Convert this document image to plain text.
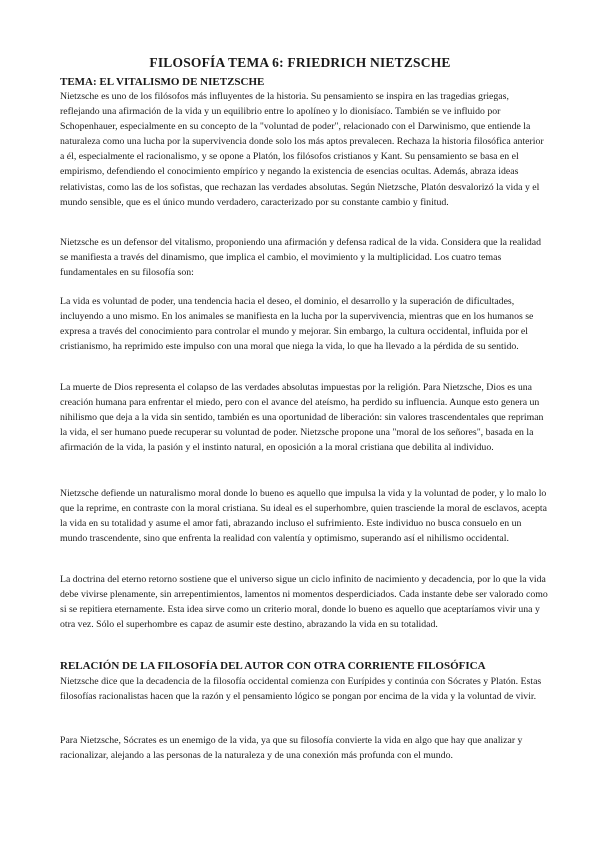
FILOSOFÍA TEMA 6: FRIEDRICH NIETZSCHE
TEMA: EL VITALISMO DE NIETZSCHE

Nietzsche es uno de los filósofos más influyentes de la historia. Su pensamiento se inspira en las tragedias griegas, reflejando una afirmación de la vida y un equilibrio entre lo apolíneo y lo dionisíaco. También se ve influido por Schopenhauer, especialmente en su concepto de la "voluntad de poder", relacionado con el Darwinismo, que entiende la naturaleza como una lucha por la supervivencia donde solo los más aptos prevalecen. Rechaza la historia filosófica anterior a él, especialmente el racionalismo, y se opone a Platón, los filósofos cristianos y Kant. Su pensamiento se basa en el empirismo, defendiendo el conocimiento empírico y negando la existencia de esencias ocultas. Además, abraza ideas relativistas, como las de los sofistas, que rechazan las verdades absolutas. Según Nietzsche, Platón desvalorizó la vida y el mundo sensible, que es el único mundo verdadero, caracterizado por su constante cambio y finitud.

Nietzsche es un defensor del vitalismo, proponiendo una afirmación y defensa radical de la vida. Considera que la realidad se manifiesta a través del dinamismo, que implica el cambio, el movimiento y la multiplicidad. Los cuatro temas fundamentales en su filosofía son:

La vida es voluntad de poder, una tendencia hacia el deseo, el dominio, el desarrollo y la superación de dificultades, incluyendo a uno mismo. En los animales se manifiesta en la lucha por la supervivencia, mientras que en los humanos se expresa a través del conocimiento para controlar el mundo y mejorar. Sin embargo, la cultura occidental, influida por el cristianismo, ha reprimido este impulso con una moral que niega la vida, lo que ha llevado a la pérdida de su sentido.

La muerte de Dios representa el colapso de las verdades absolutas impuestas por la religión. Para Nietzsche, Dios es una creación humana para enfrentar el miedo, pero con el avance del ateísmo, ha perdido su influencia. Aunque esto genera un nihilismo que deja a la vida sin sentido, también es una oportunidad de liberación: sin valores trascendentales que repriman la vida, el ser humano puede recuperar su voluntad de poder. Nietzsche propone una "moral de los señores", basada en la afirmación de la vida, la pasión y el instinto natural, en oposición a la moral cristiana que debilita al individuo.

Nietzsche defiende un naturalismo moral donde lo bueno es aquello que impulsa la vida y la voluntad de poder, y lo malo lo que la reprime, en contraste con la moral cristiana. Su ideal es el superhombre, quien trasciende la moral de esclavos, acepta la vida en su totalidad y asume el amor fati, abrazando incluso el sufrimiento. Este individuo no busca consuelo en un mundo trascendente, sino que enfrenta la realidad con valentía y optimismo, superando así el nihilismo occidental.

La doctrina del eterno retorno sostiene que el universo sigue un ciclo infinito de nacimiento y decadencia, por lo que la vida debe vivirse plenamente, sin arrepentimientos, lamentos ni momentos desperdiciados. Cada instante debe ser valorado como si se repitiera eternamente. Esta idea sirve como un criterio moral, donde lo bueno es aquello que aceptaríamos vivir una y otra vez. Sólo el superhombre es capaz de asumir este destino, abrazando la vida en su totalidad.

RELACIÓN DE LA FILOSOFÍA DEL AUTOR CON OTRA CORRIENTE FILOSÓFICA

Nietzsche dice que la decadencia de la filosofía occidental comienza con Eurípides y continúa con Sócrates y Platón. Estas filosofías racionalistas hacen que la razón y el pensamiento lógico se pongan por encima de la vida y la voluntad de vivir.

Para Nietzsche, Sócrates es un enemigo de la vida, ya que su filosofía convierte la vida en algo que hay que analizar y racionalizar, alejando a las personas de la naturaleza y de una conexión más profunda con el mundo.
